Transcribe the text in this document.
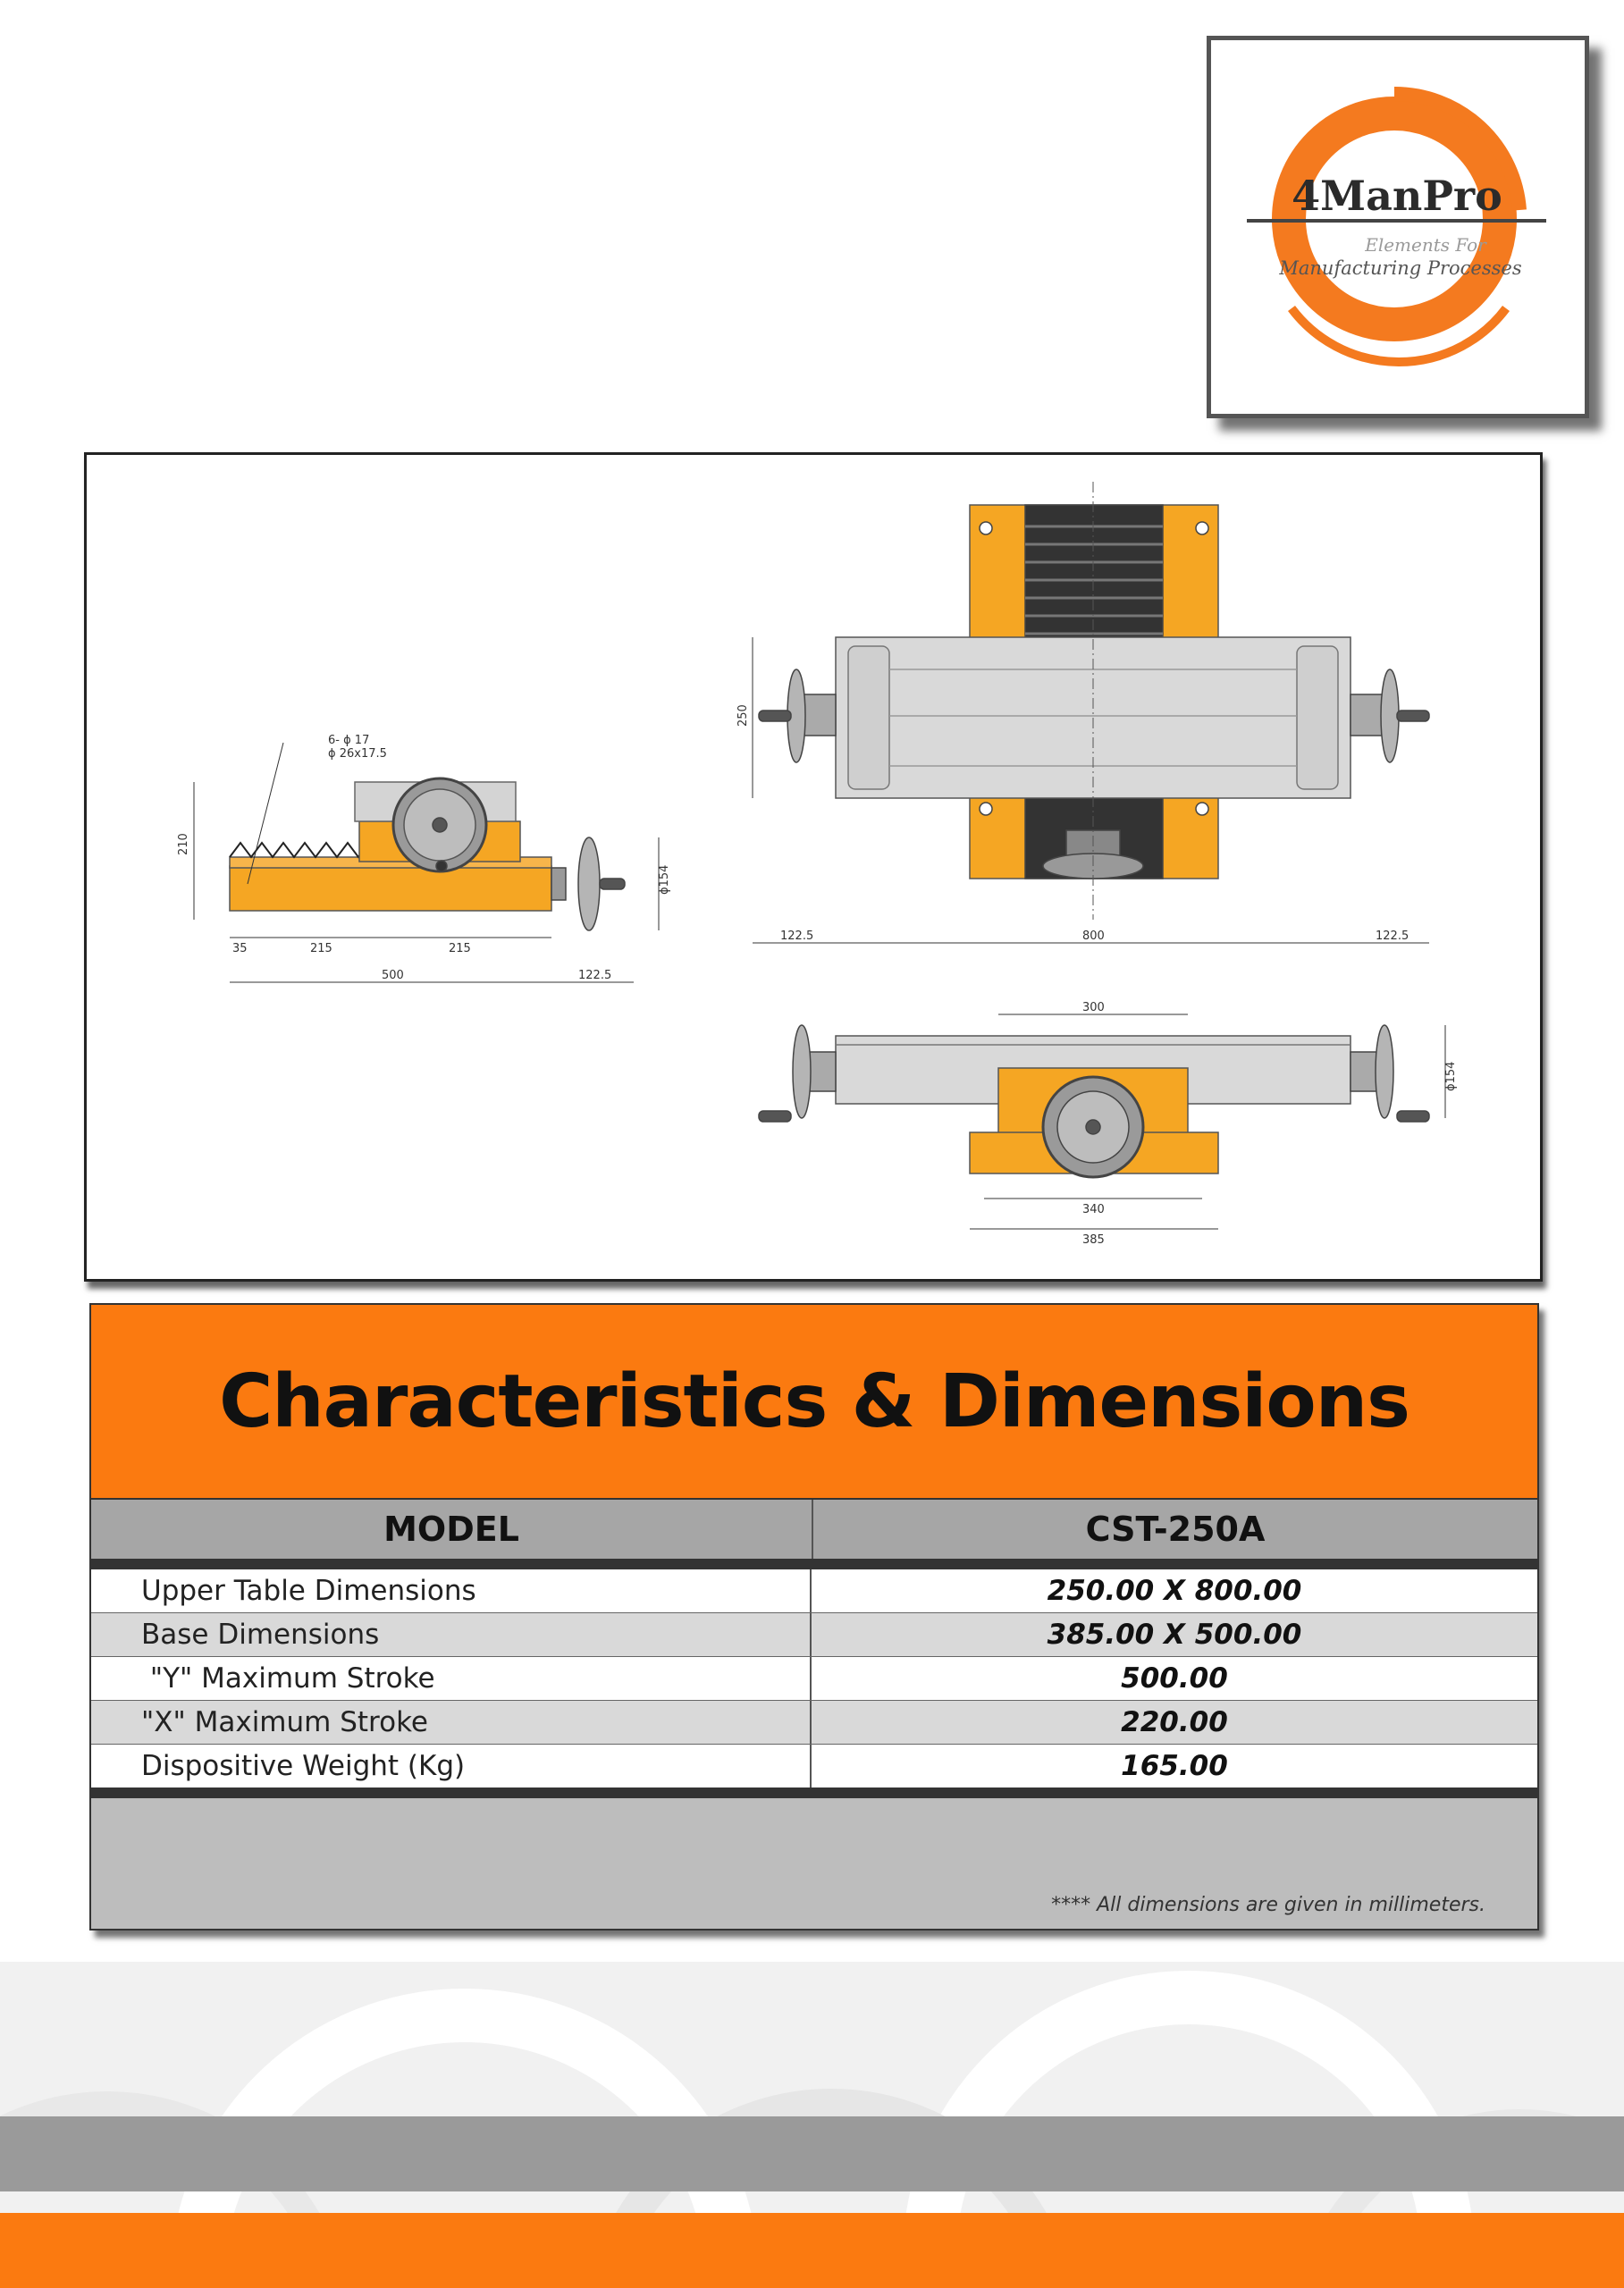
4ManPro
Elements For
Manufacturing Processes
6- ϕ 17
ϕ 26x17.5
210
ϕ154
35	215	215
500	122.5
250
122.5	800	122.5
300
340
385
ϕ154
Characteristics & Dimensions
MODEL	CST-250A
Upper Table Dimensions	250.00 X 800.00
Base Dimensions	385.00 X 500.00
"Y" Maximum Stroke	500.00
"X" Maximum Stroke	220.00
Dispositive Weight (Kg)	165.00
**** All dimensions are given in millimeters.
